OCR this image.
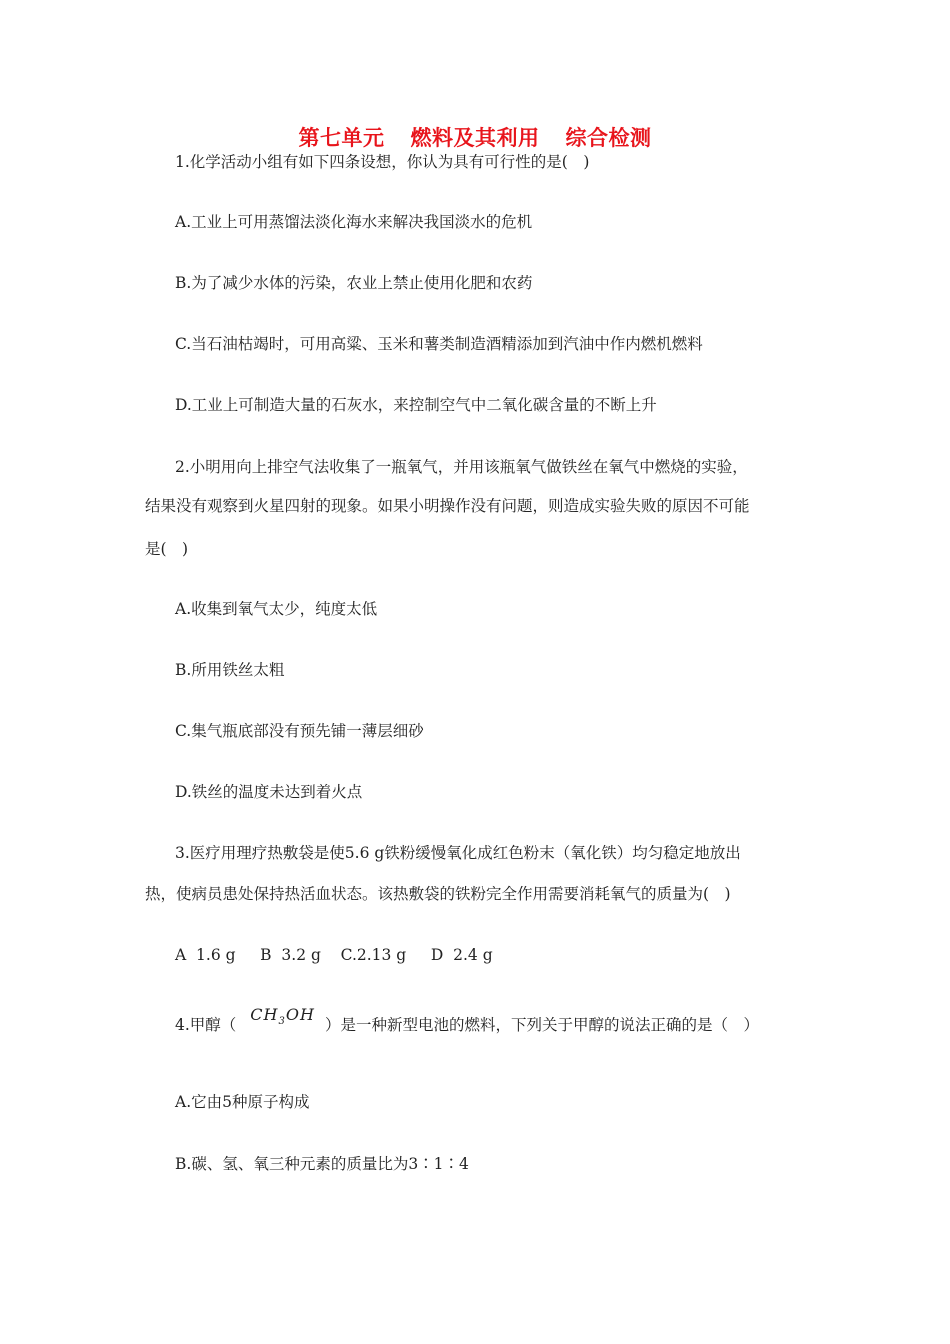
第七单元 燃料及其利用 综合检测
1.化学活动小组有如下四条设想，你认为具有可行性的是(　)
A.工业上可用蒸馏法淡化海水来解决我国淡水的危机
B.为了减少水体的污染，农业上禁止使用化肥和农药
C.当石油枯竭时，可用高粱、玉米和薯类制造酒精添加到汽油中作内燃机燃料
D.工业上可制造大量的石灰水，来控制空气中二氧化碳含量的不断上升
2.小明用向上排空气法收集了一瓶氧气，并用该瓶氧气做铁丝在氧气中燃烧的实验，
结果没有观察到火星四射的现象。如果小明操作没有问题，则造成实验失败的原因不可能
是(　)
A.收集到氧气太少，纯度太低
B.所用铁丝太粗
C.集气瓶底部没有预先铺一薄层细砂
D.铁丝的温度未达到着火点
3.医疗用理疗热敷袋是使5.6 g铁粉缓慢氧化成红色粉末（氧化铁）均匀稳定地放出
热，使病员患处保持热活血状态。该热敷袋的铁粉完全作用需要消耗氧气的质量为(　)
A  1.6 g     B  3.2 g    C.2.13 g     D  2.4 g
4.甲醇$(CH_3OH)$是一种新型电池的燃料，下列关于甲醇的说法正确的是（　）
A.它由5种原子构成
B.碳、氢、氧三种元素的质量比为3∶1∶4
